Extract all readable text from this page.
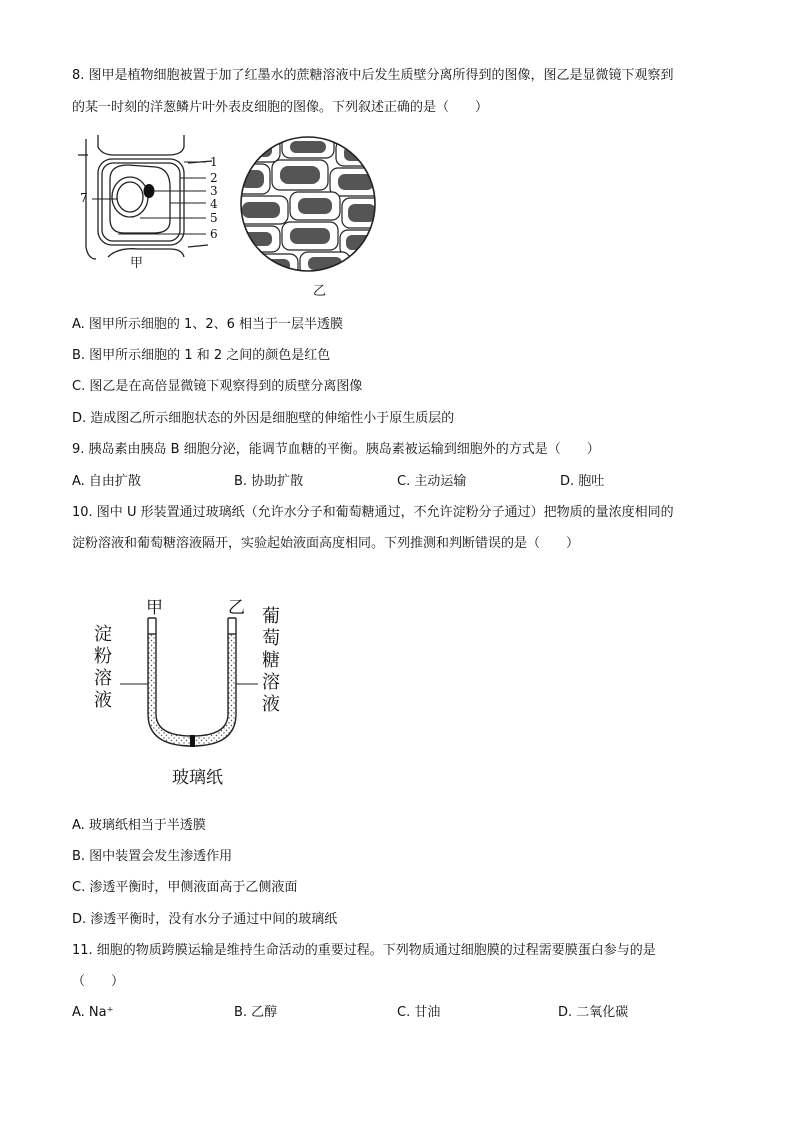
8. 图甲是植物细胞被置于加了红墨水的蔗糖溶液中后发生质壁分离所得到的图像，图乙是显微镜下观察到
的某一时刻的洋葱鳞片叶外表皮细胞的图像。下列叙述正确的是（　　）
1
2
3
4
5
6
7
甲
乙
A. 图甲所示细胞的 1、2、6 相当于一层半透膜
B. 图甲所示细胞的 1 和 2 之间的颜色是红色
C. 图乙是在高倍显微镜下观察得到的质壁分离图像
D. 造成图乙所示细胞状态的外因是细胞壁的伸缩性小于原生质层的
9. 胰岛素由胰岛 B 细胞分泌，能调节血糖的平衡。胰岛素被运输到细胞外的方式是（　　）
A. 自由扩散	B. 协助扩散	C. 主动运输	D. 胞吐
10. 图中 U 形装置通过玻璃纸（允许水分子和葡萄糖通过，不允许淀粉分子通过）把物质的量浓度相同的
淀粉溶液和葡萄糖溶液隔开，实验起始液面高度相同。下列推测和判断错误的是（　　）
甲	乙
淀粉溶液
葡萄糖溶液
玻璃纸
A. 玻璃纸相当于半透膜
B. 图中装置会发生渗透作用
C. 渗透平衡时，甲侧液面高于乙侧液面
D. 渗透平衡时，没有水分子通过中间的玻璃纸
11. 细胞的物质跨膜运输是维持生命活动的重要过程。下列物质通过细胞膜的过程需要膜蛋白参与的是
（　　）
A. Na⁺	B. 乙醇	C. 甘油	D. 二氧化碳
